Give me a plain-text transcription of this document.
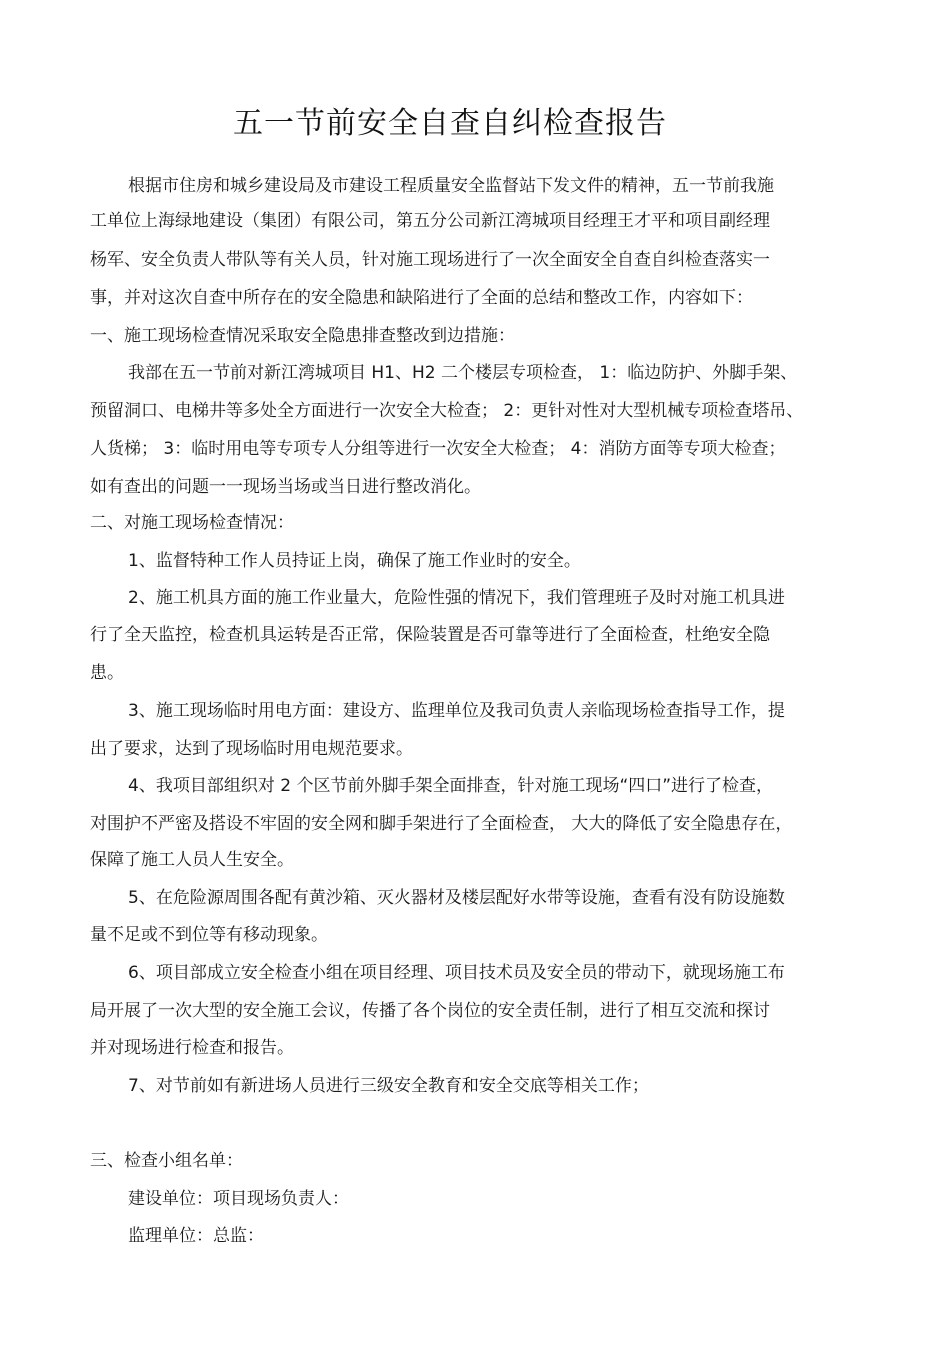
五一节前安全自查自纠检查报告
根据市住房和城乡建设局及市建设工程质量安全监督站下发文件的精神，五一节前我施
工单位上海绿地建设（集团）有限公司，第五分公司新江湾城项目经理王才平和项目副经理
杨军、安全负责人带队等有关人员，针对施工现场进行了一次全面安全自查自纠检查落实一
事，并对这次自查中所存在的安全隐患和缺陷进行了全面的总结和整改工作，内容如下：
一、施工现场检查情况采取安全隐患排查整改到边措施：
我部在五一节前对新江湾城项目 H1、H2 二个楼层专项检查， 1：临边防护、外脚手架、
预留洞口、电梯井等多处全方面进行一次安全大检查； 2：更针对性对大型机械专项检查塔吊、
人货梯； 3：临时用电等专项专人分组等进行一次安全大检查； 4：消防方面等专项大检查；
如有查出的问题一一现场当场或当日进行整改消化。
二、对施工现场检查情况：
1、监督特种工作人员持证上岗，确保了施工作业时的安全。
2、施工机具方面的施工作业量大，危险性强的情况下，我们管理班子及时对施工机具进
行了全天监控，检查机具运转是否正常，保险装置是否可靠等进行了全面检查，杜绝安全隐
患。
3、施工现场临时用电方面：建设方、监理单位及我司负责人亲临现场检查指导工作，提
出了要求，达到了现场临时用电规范要求。
4、我项目部组织对 2 个区节前外脚手架全面排查，针对施工现场“四口”进行了检查，
对围护不严密及搭设不牢固的安全网和脚手架进行了全面检查， 大大的降低了安全隐患存在，
保障了施工人员人生安全。
5、在危险源周围各配有黄沙箱、灭火器材及楼层配好水带等设施，查看有没有防设施数
量不足或不到位等有移动现象。
6、项目部成立安全检查小组在项目经理、项目技术员及安全员的带动下，就现场施工布
局开展了一次大型的安全施工会议，传播了各个岗位的安全责任制，进行了相互交流和探讨
并对现场进行检查和报告。
7、对节前如有新进场人员进行三级安全教育和安全交底等相关工作；
三、检查小组名单：
建设单位：项目现场负责人：
监理单位：总监：
